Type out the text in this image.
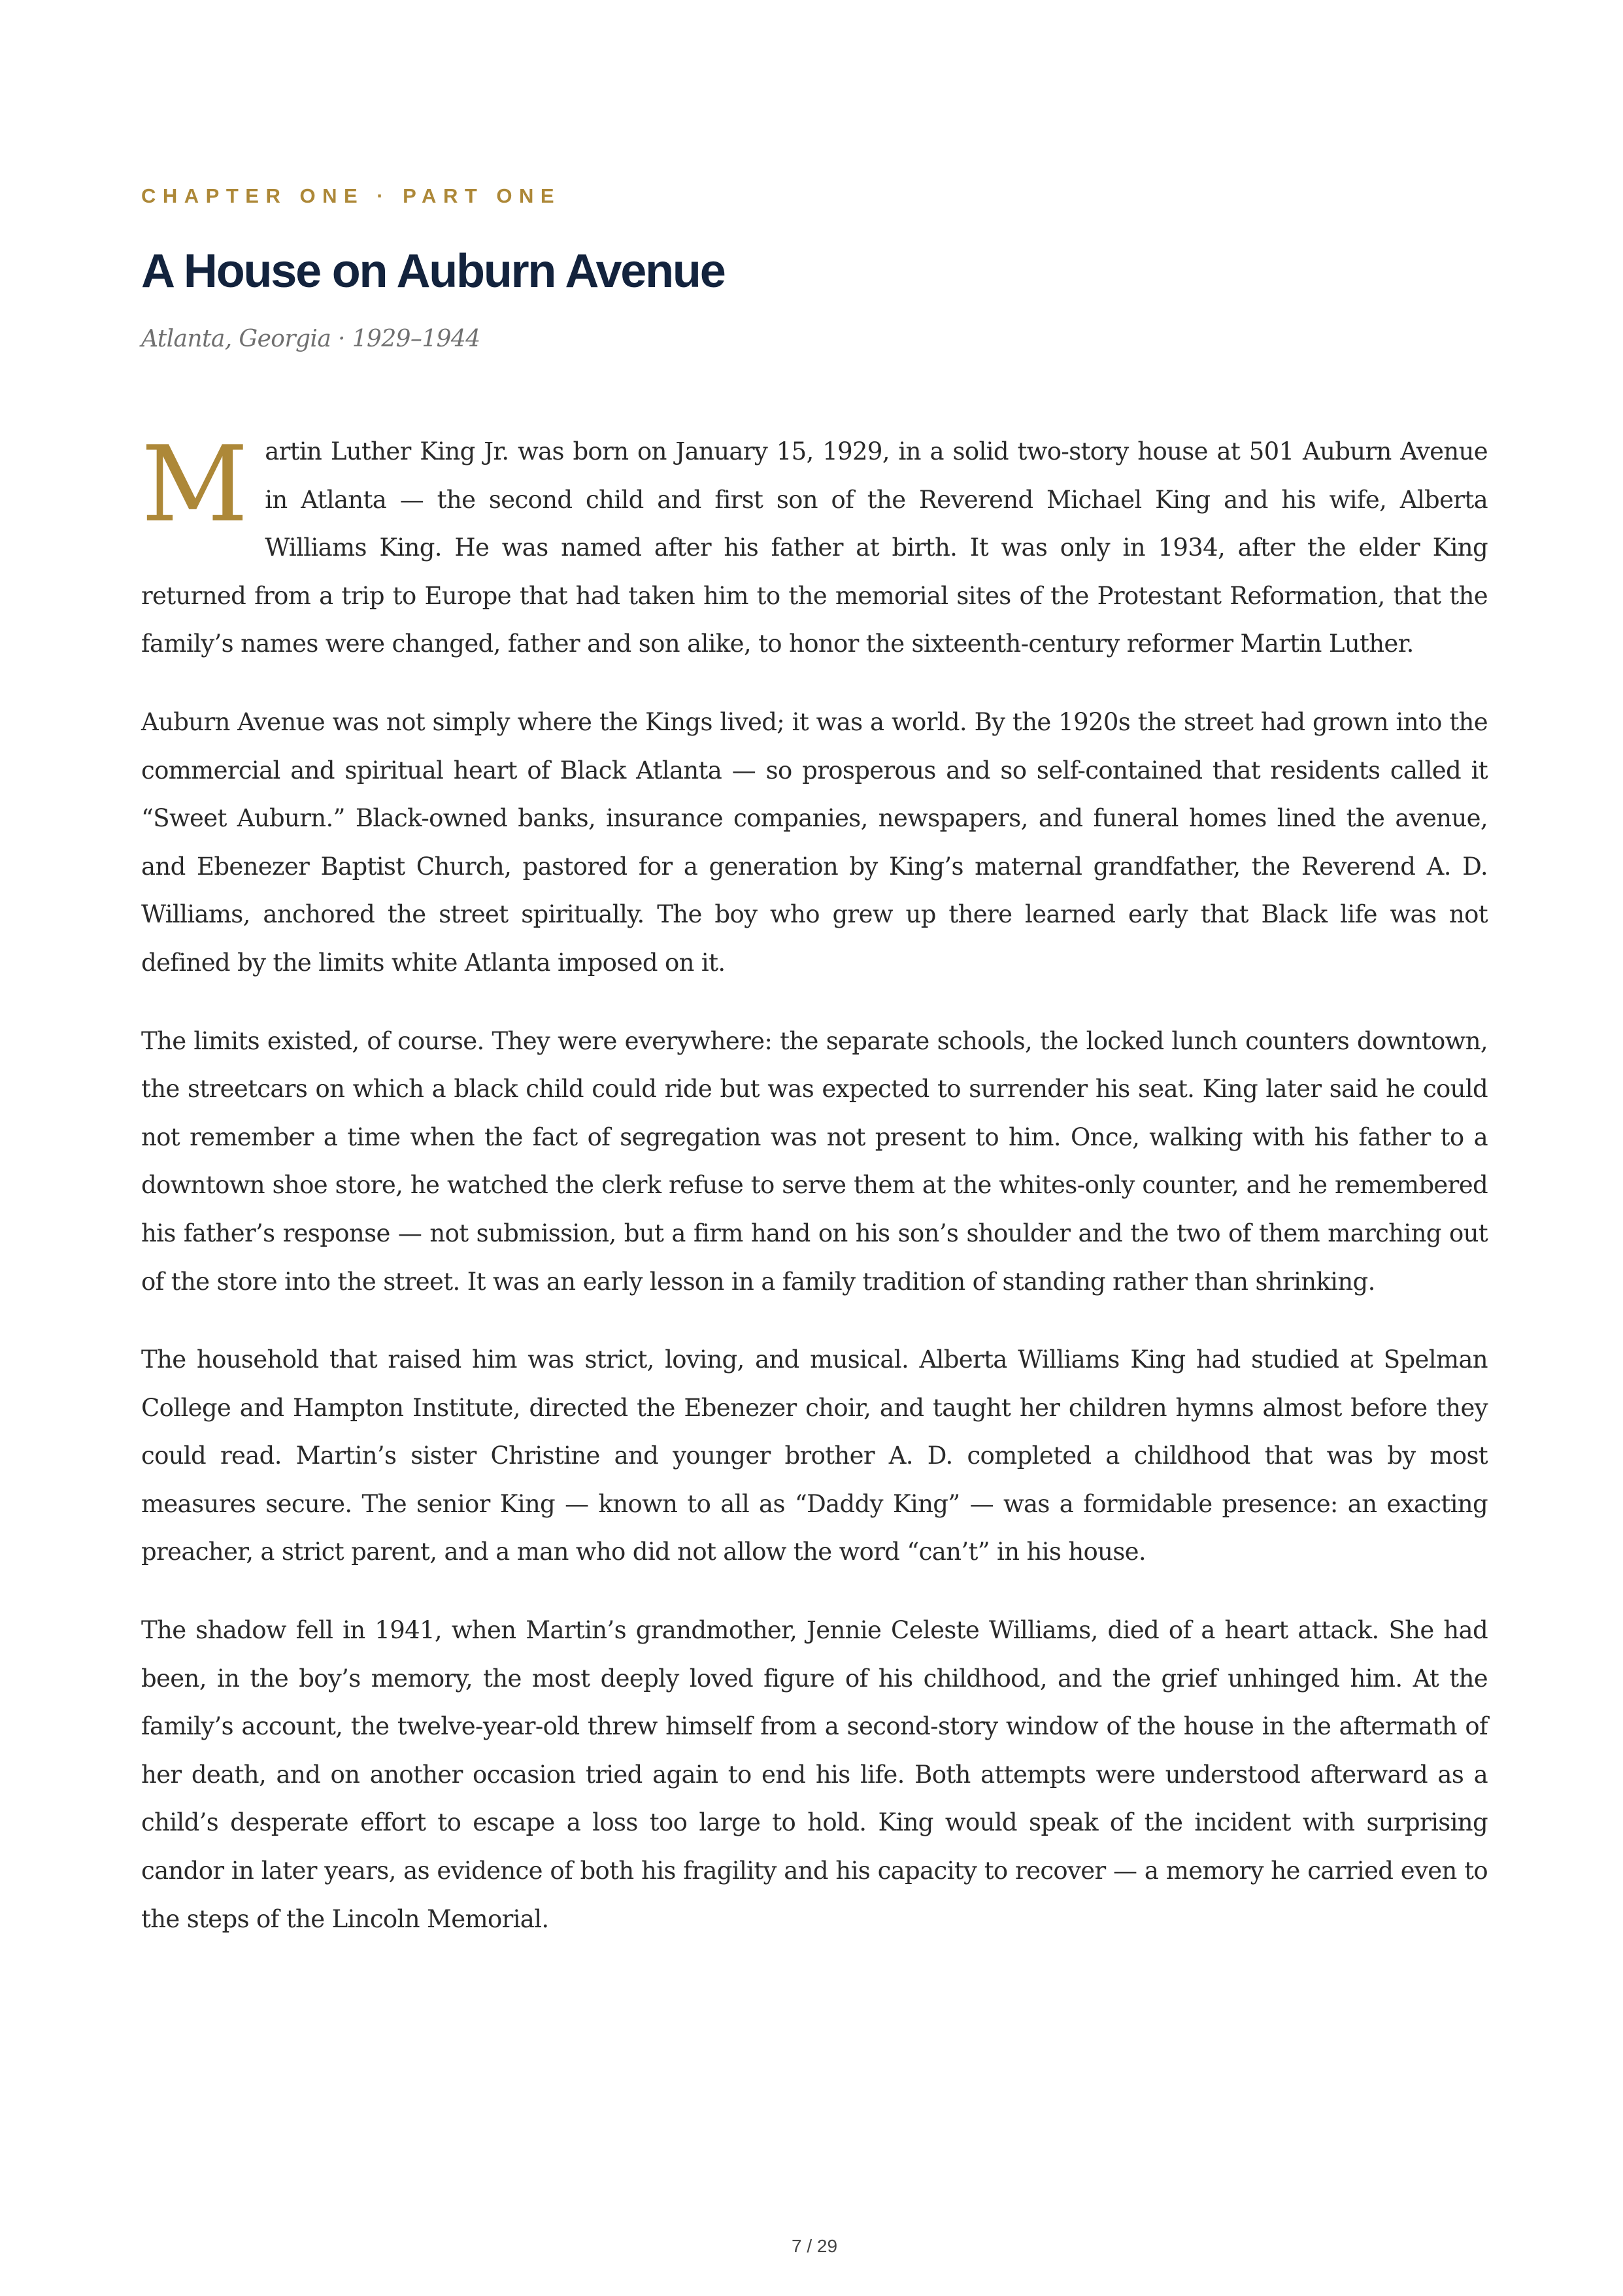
CHAPTER ONE · PART ONE
A House on Auburn Avenue
Atlanta, Georgia · 1929–1944

Martin Luther King Jr. was born on January 15, 1929, in a solid two-story house at 501 Auburn Avenue in Atlanta — the second child and first son of the Reverend Michael King and his wife, Alberta Williams King. He was named after his father at birth. It was only in 1934, after the elder King returned from a trip to Europe that had taken him to the memorial sites of the Protestant Reformation, that the family’s names were changed, father and son alike, to honor the sixteenth-century reformer Martin Luther.

Auburn Avenue was not simply where the Kings lived; it was a world. By the 1920s the street had grown into the commercial and spiritual heart of Black Atlanta — so prosperous and so self-contained that residents called it “Sweet Auburn.” Black-owned banks, insurance companies, newspapers, and funeral homes lined the avenue, and Ebenezer Baptist Church, pastored for a generation by King’s maternal grandfather, the Reverend A. D. Williams, anchored the street spiritually. The boy who grew up there learned early that Black life was not defined by the limits white Atlanta imposed on it.

The limits existed, of course. They were everywhere: the separate schools, the locked lunch counters downtown, the streetcars on which a black child could ride but was expected to surrender his seat. King later said he could not remember a time when the fact of segregation was not present to him. Once, walking with his father to a downtown shoe store, he watched the clerk refuse to serve them at the whites-only counter, and he remembered his father’s response — not submission, but a firm hand on his son’s shoulder and the two of them marching out of the store into the street. It was an early lesson in a family tradition of standing rather than shrinking.

The household that raised him was strict, loving, and musical. Alberta Williams King had studied at Spelman College and Hampton Institute, directed the Ebenezer choir, and taught her children hymns almost before they could read. Martin’s sister Christine and younger brother A. D. completed a childhood that was by most measures secure. The senior King — known to all as “Daddy King” — was a formidable presence: an exacting preacher, a strict parent, and a man who did not allow the word “can’t” in his house.

The shadow fell in 1941, when Martin’s grandmother, Jennie Celeste Williams, died of a heart attack. She had been, in the boy’s memory, the most deeply loved figure of his childhood, and the grief unhinged him. At the family’s account, the twelve-year-old threw himself from a second-story window of the house in the aftermath of her death, and on another occasion tried again to end his life. Both attempts were understood afterward as a child’s desperate effort to escape a loss too large to hold. King would speak of the incident with surprising candor in later years, as evidence of both his fragility and his capacity to recover — a memory he carried even to the steps of the Lincoln Memorial.

7 / 29
